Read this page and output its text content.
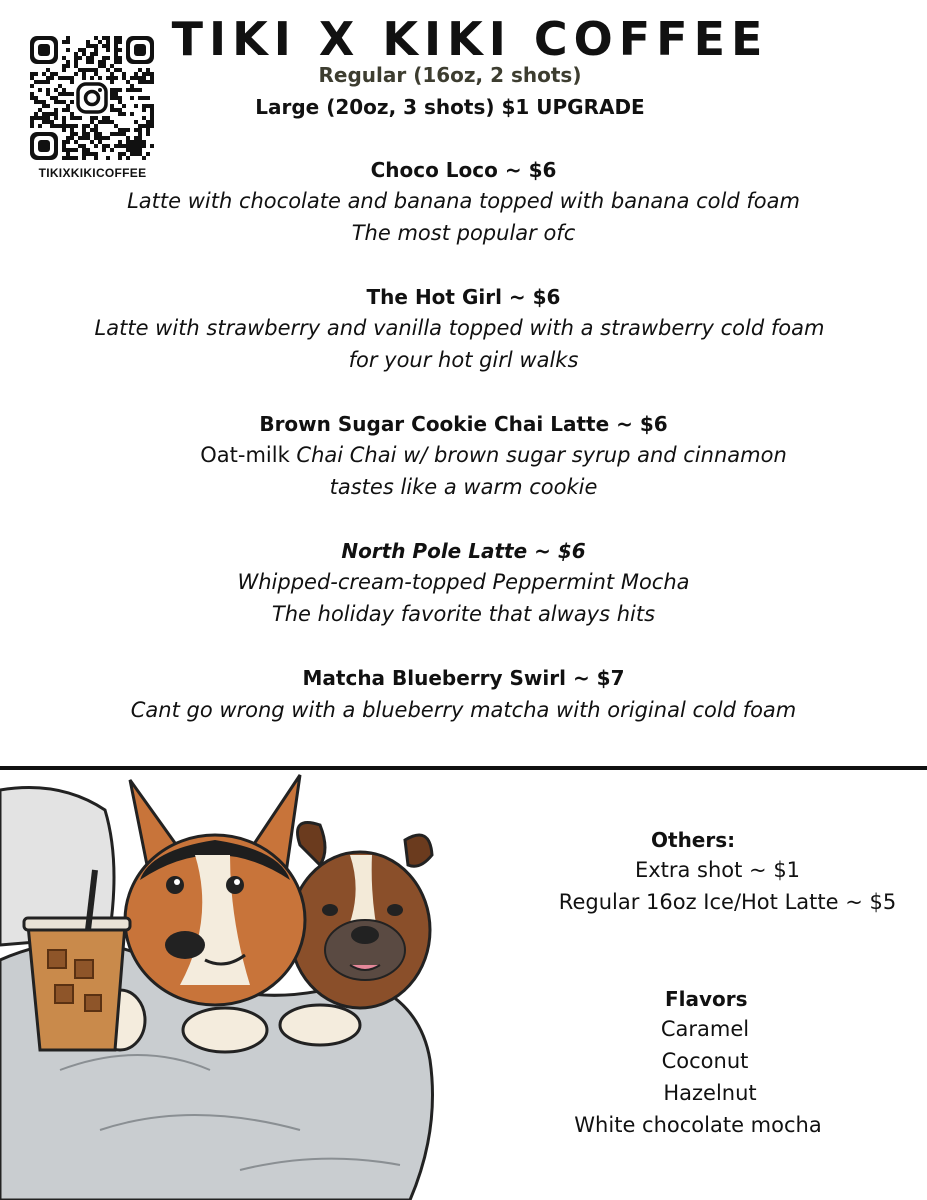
TIKI X KIKI COFFEE
Regular (16oz, 2 shots)
Large (20oz, 3 shots) $1 UPGRADE
TIKIXKIKICOFFEE	Choco Loco ~ $6
Latte with chocolate and banana topped with banana cold foam
The most popular ofc
The Hot Girl ~ $6
Latte with strawberry and vanilla topped with a strawberry cold foam
for your hot girl walks
Brown Sugar Cookie Chai Latte ~ $6
Oat-milk Chai Chai w/ brown sugar syrup and cinnamon
tastes like a warm cookie
North Pole Latte ~ $6
Whipped-cream-topped Peppermint Mocha
The holiday favorite that always hits
Matcha Blueberry Swirl ~ $7
Cant go wrong with a blueberry matcha with original cold foam
Others:
Extra shot ~ $1
Regular 16oz Ice/Hot Latte ~ $5
Flavors
Caramel
Coconut
Hazelnut
White chocolate mocha
